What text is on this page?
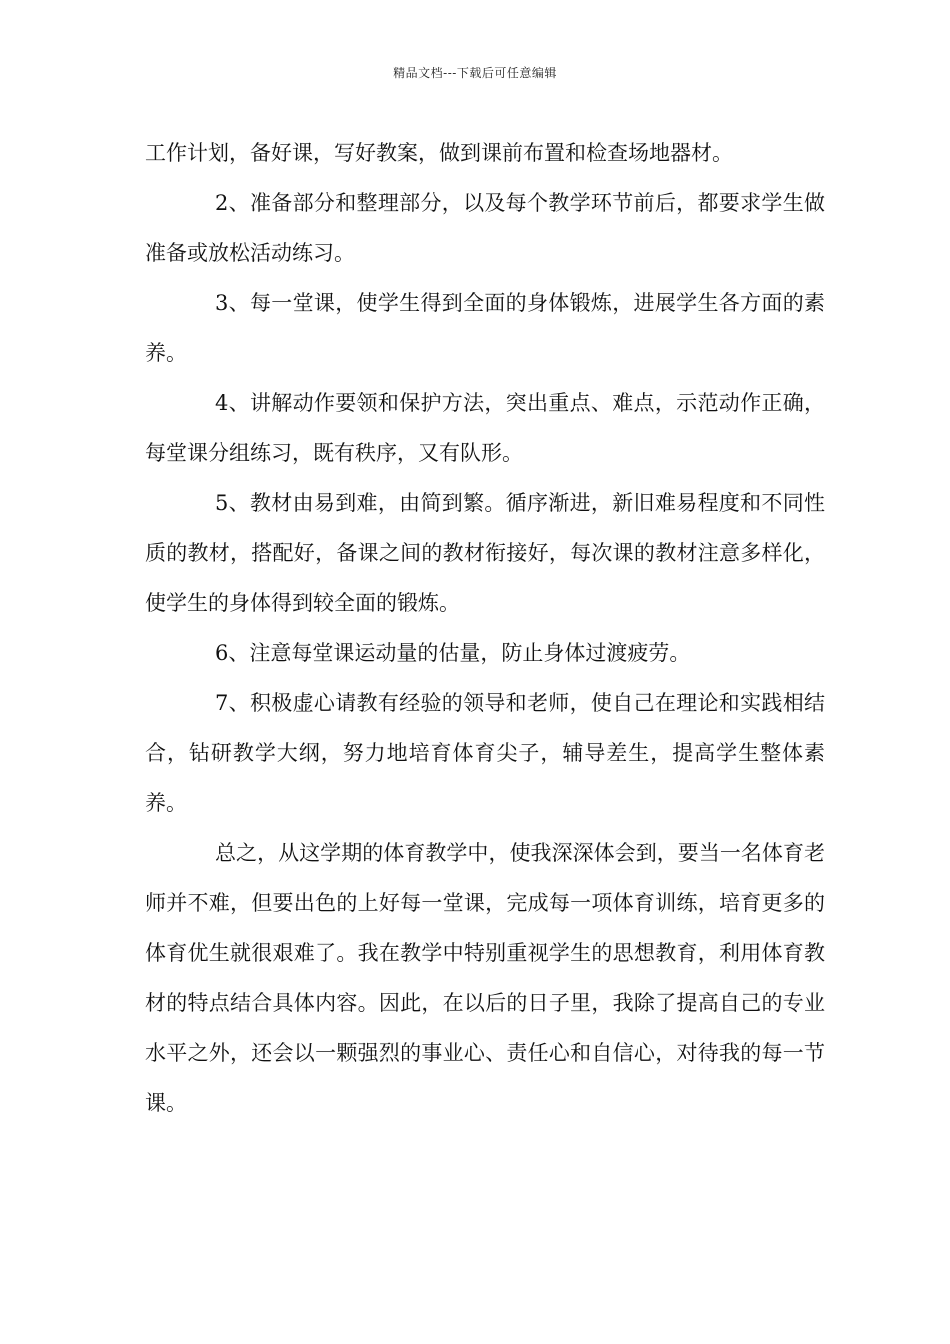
精品文档---下载后可任意编辑

工作计划，备好课，写好教案，做到课前布置和检查场地器材。

2、准备部分和整理部分，以及每个教学环节前后，都要求学生做准备或放松活动练习。

3、每一堂课，使学生得到全面的身体锻炼，进展学生各方面的素养。

4、讲解动作要领和保护方法，突出重点、难点，示范动作正确，每堂课分组练习，既有秩序，又有队形。

5、教材由易到难，由简到繁。循序渐进，新旧难易程度和不同性质的教材，搭配好，备课之间的教材衔接好，每次课的教材注意多样化，使学生的身体得到较全面的锻炼。

6、注意每堂课运动量的估量，防止身体过渡疲劳。

7、积极虚心请教有经验的领导和老师，使自己在理论和实践相结合，钻研教学大纲，努力地培育体育尖子，辅导差生，提高学生整体素养。

总之，从这学期的体育教学中，使我深深体会到，要当一名体育老师并不难，但要出色的上好每一堂课，完成每一项体育训练，培育更多的体育优生就很艰难了。我在教学中特别重视学生的思想教育，利用体育教材的特点结合具体内容。因此，在以后的日子里，我除了提高自己的专业水平之外，还会以一颗强烈的事业心、责任心和自信心，对待我的每一节课。
